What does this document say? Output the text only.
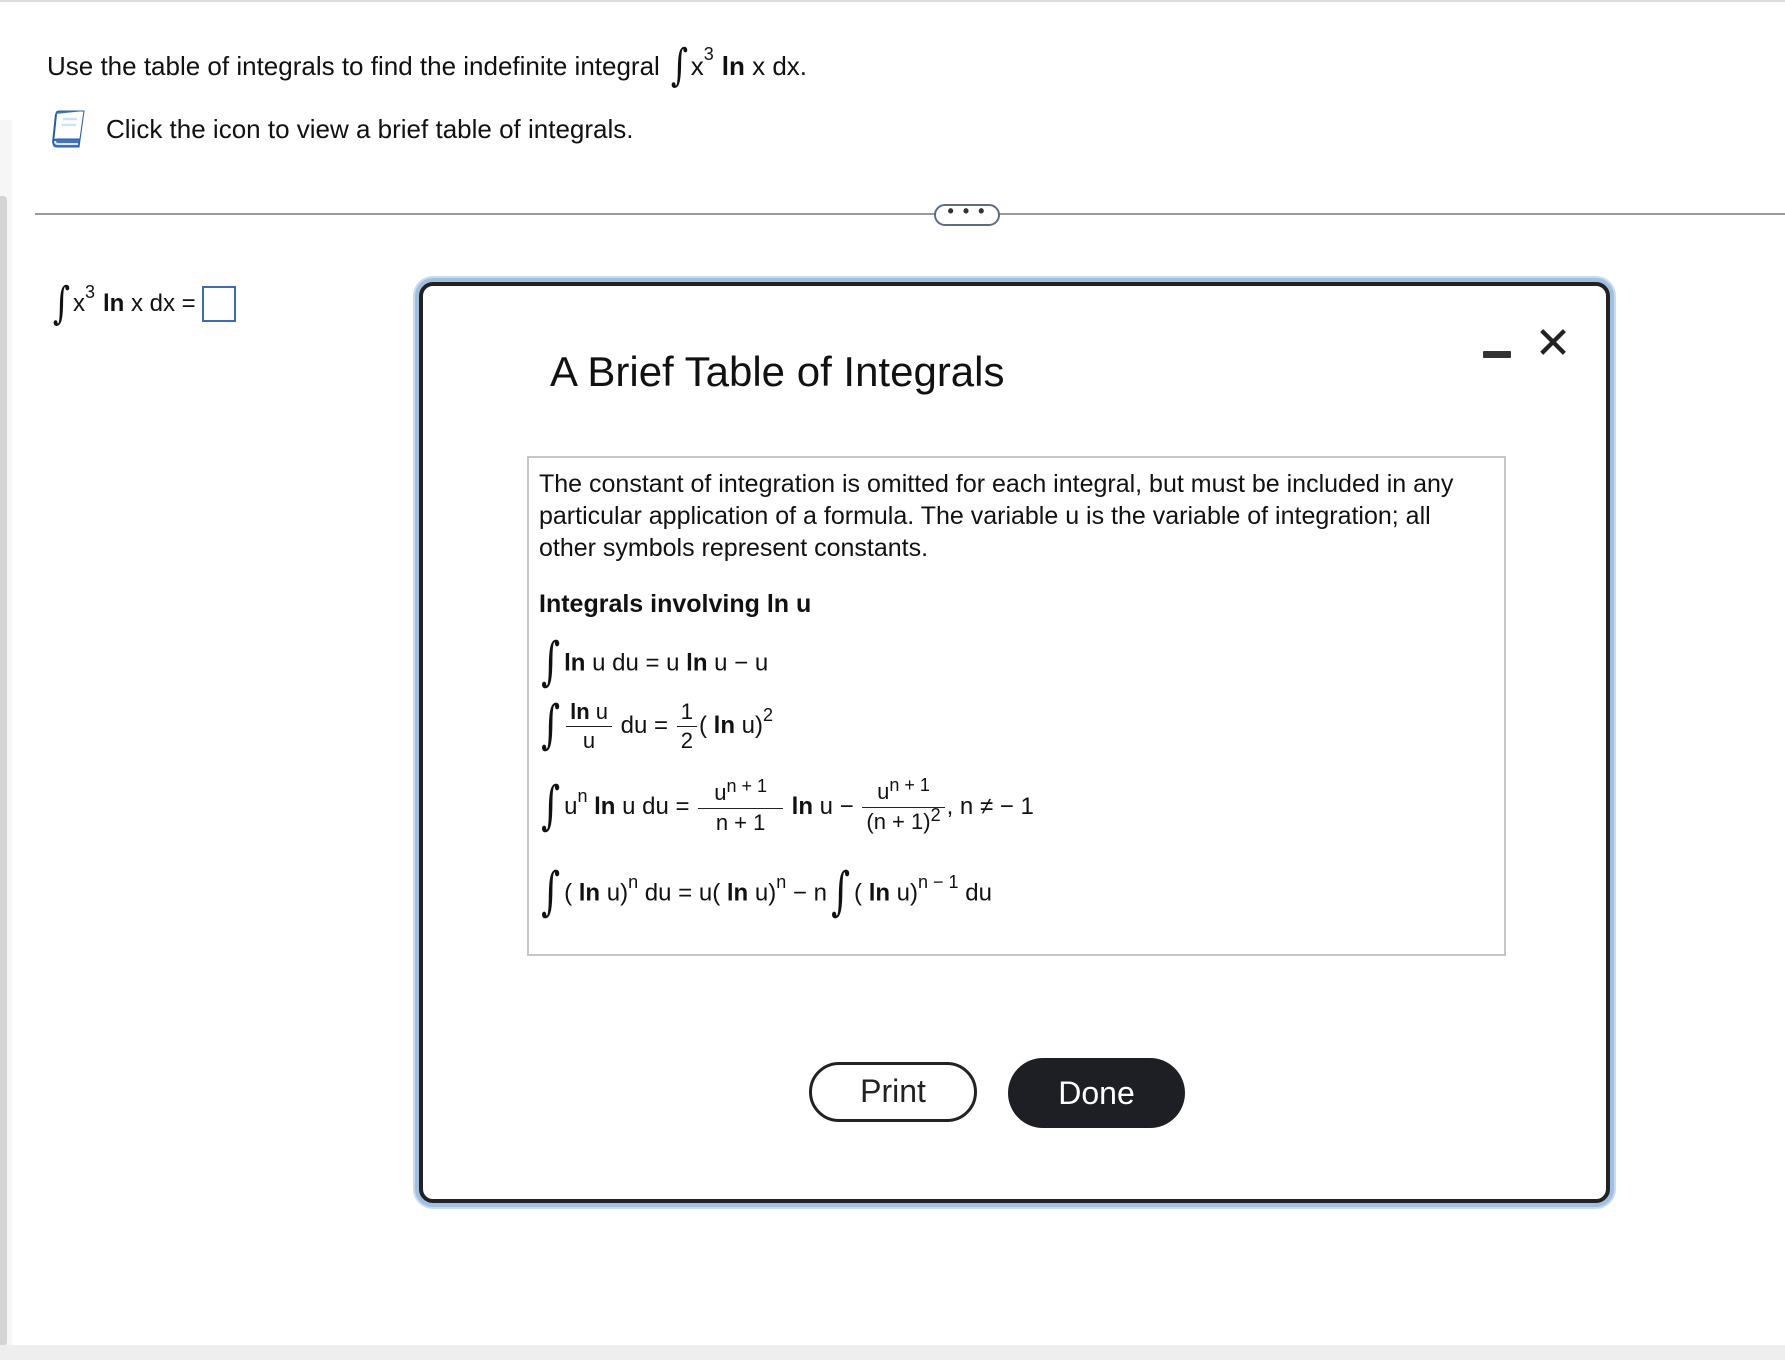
Use the table of integrals to find the indefinite integral ∫ x 3 ln x dx.
Click the icon to view a brief table of integrals.
• • •
∫ x 3 ln x dx =
A Brief Table of Integrals
✕
The constant of integration is omitted for each integral, but must be included in any particular application of a formula. The variable u is the variable of integration; all other symbols represent constants.
Integrals involving ln u
∫ ln u du = u ln u − u
∫ $\frac{\text{ln u}}{u}$ du = $\frac{1}{2}$ ( ln u)$^2$
∫ $u^n$ ln u du = $\frac{u^{n + 1}}{n + 1}$ $\ln u - \frac{u^{n + 1}}{(n + 1)^2}$ , n ≠ − 1
∫ ( ln u)$^n$ du = u( ln u)$^n$ − n∫ ( ln u)$^{n - 1}$ du
Print	Done
